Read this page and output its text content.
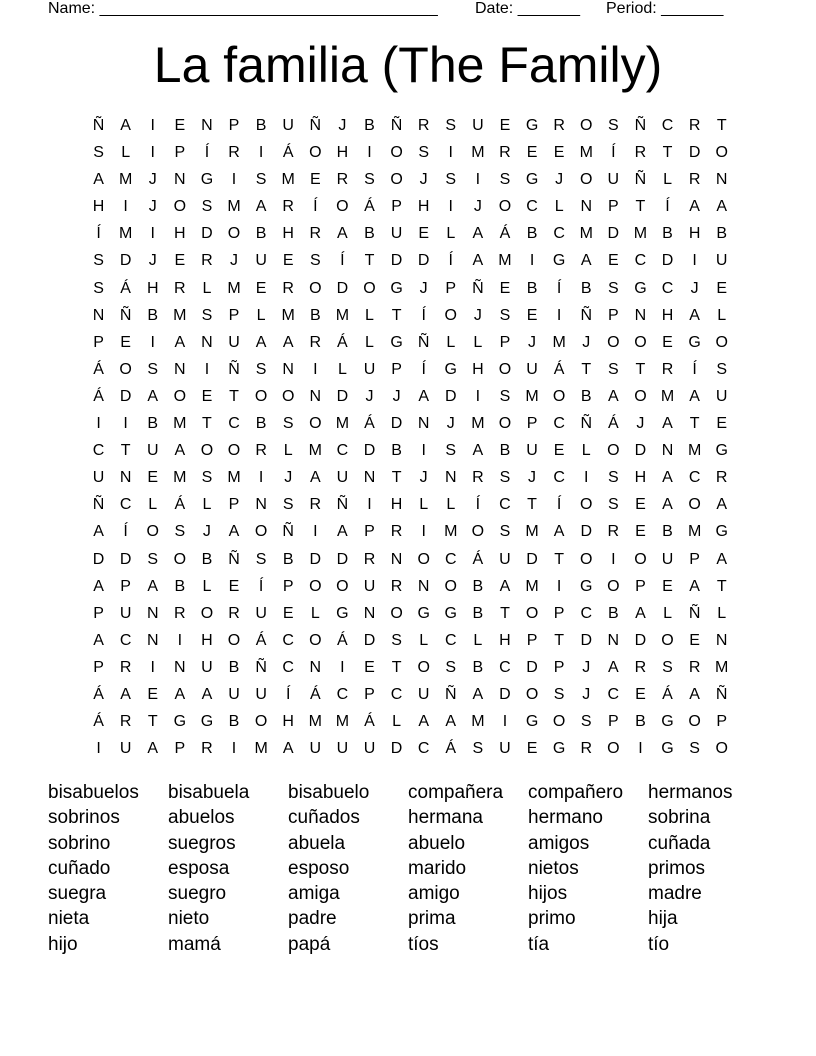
Name: ______________________________________ Date: _______ Period: _______
La familia (The Family)
Ñ A	I	E N P	B U Ñ	J	B Ñ R S U E G R O S Ñ C R	T
S	L	I	P	Í	R	I	Á O H	I	O S	I	M R E	E M	Í	R	T	D O
A M	J	N G	I	S M E R S O	J	S	I	S G	J	O U Ñ	L	R N
H	I	J	O S M A R	Í	O Á	P H	I	J	O C	L	N P	T	Í	A	A
Í	M	I	H D O B H R A	B U E	L	A	Á	B C M D M B H B
S D	J	E R	J	U E	S	Í	T	D D	Í	A M	I	G A	E C D	I	U
S	Á H R	L M E R O D O G	J	P Ñ E	B	Í	B	S G C	J	E
N Ñ B M S	P	L M B M L	T	Í	O	J	S	E	I	Ñ P N H A	L
P	E	I	A N U A	A R Á	L	G Ñ	L	L	P	J	M	J	O O E G O
Á O S N	I	Ñ S N	I	L	U P	Í	G H O U Á	T	S	T	R	Í	S
Á D A O E	T O O N D	J	J	A D	I	S M O B	A O M A U
I	I	B M T	C B	S O M Á D N	J	M O P C Ñ Á	J	A	T	E
C	T	U A O O R	L M C D B	I	S	A	B U E	L	O D N M G
U N E M S M	I	J	A U N	T	J	N R S	J	C	I	S H A C R
Ñ C	L	Á	L	P N S R Ñ	I	H	L	L	Í	C	T	Í	O S	E	A O A
A	Í	O S	J	A O Ñ	I	A	P R	I	M O S M A D R E	B M G
D D S O B Ñ S	B D D R N O C Á U D	T O	I	O U P	A
A	P	A	B	L	E	Í	P O O U R N O B	A M	I	G O P	E	A	T
P U N R O R U E	L	G N O G G B	T O P C B	A	L	Ñ	L
A C N	I	H O Á C O Á D S	L	C	L	H P	T	D N D O E N
P R	I	N U B Ñ C N	I	E	T O S	B C D P	J	A R S R M
Á	A	E	A	A U U	Í	Á C P C U Ñ A D O S	J	C E	Á	A Ñ
Á R	T G G B O H M M Á	L	A	A M	I	G O S	P	B G O P
I	U A	P R	I	M A U U U D C Á	S U E G R O	I	G S O
bisabuelos	bisabuela	bisabuelo	compañera	compañero	hermanos
sobrinos	abuelos	cuñados	hermana	hermano	sobrina
sobrino	suegros	abuela	abuelo	amigos	cuñada
cuñado	esposa	esposo	marido	nietos	primos
suegra	suegro	amiga	amigo	hijos	madre
nieta	nieto	padre	prima	primo	hija
hijo	mamá	papá	tíos	tía	tío
